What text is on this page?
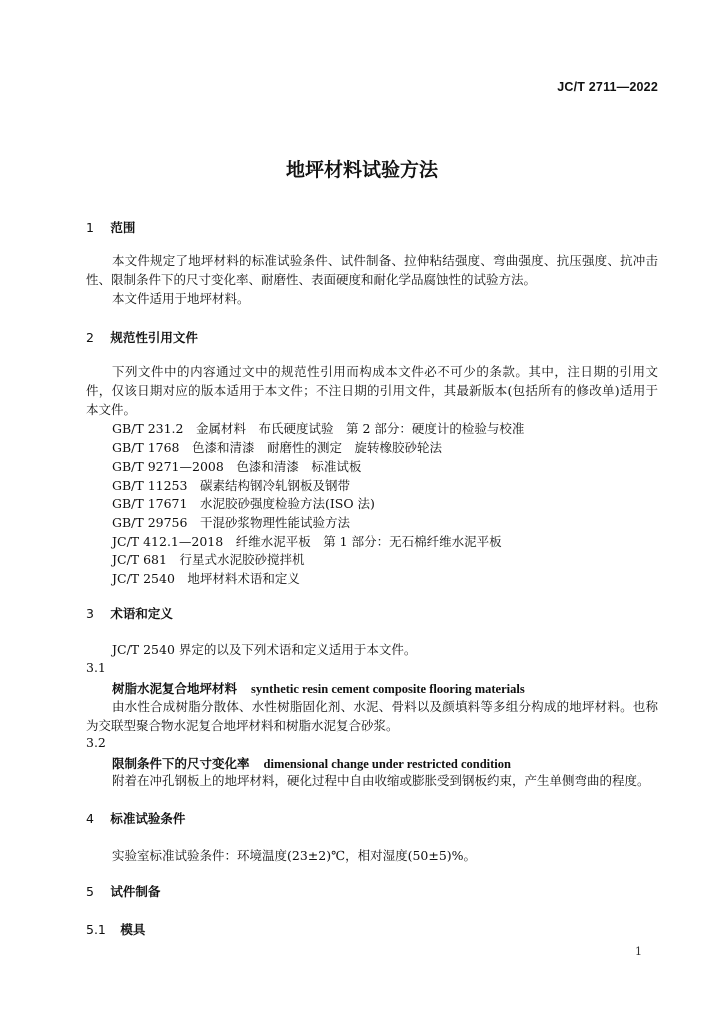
JC/T 2711—2022
地坪材料试验方法
1 范围
本文件规定了地坪材料的标准试验条件、试件制备、拉伸粘结强度、弯曲强度、抗压强度、抗冲击性、限制条件下的尺寸变化率、耐磨性、表面硬度和耐化学品腐蚀性的试验方法。
本文件适用于地坪材料。
2 规范性引用文件
下列文件中的内容通过文中的规范性引用而构成本文件必不可少的条款。其中，注日期的引用文件，仅该日期对应的版本适用于本文件；不注日期的引用文件，其最新版本(包括所有的修改单)适用于本文件。
GB/T 231.2　金属材料　布氏硬度试验　第 2 部分：硬度计的检验与校准
GB/T 1768　色漆和清漆　耐磨性的测定　旋转橡胶砂轮法
GB/T 9271—2008　色漆和清漆　标准试板
GB/T 11253　碳素结构钢冷轧钢板及钢带
GB/T 17671　水泥胶砂强度检验方法(ISO 法)
GB/T 29756　干混砂浆物理性能试验方法
JC/T 412.1—2018　纤维水泥平板　第 1 部分：无石棉纤维水泥平板
JC/T 681　行星式水泥胶砂搅拌机
JC/T 2540　地坪材料术语和定义
3 术语和定义
JC/T 2540 界定的以及下列术语和定义适用于本文件。
3.1
树脂水泥复合地坪材料 synthetic resin cement composite flooring materials
由水性合成树脂分散体、水性树脂固化剂、水泥、骨料以及颜填料等多组分构成的地坪材料。也称为交联型聚合物水泥复合地坪材料和树脂水泥复合砂浆。
3.2
限制条件下的尺寸变化率 dimensional change under restricted condition
附着在冲孔钢板上的地坪材料，硬化过程中自由收缩或膨胀受到钢板约束，产生单侧弯曲的程度。
4 标准试验条件
实验室标准试验条件：环境温度(23±2)℃，相对湿度(50±5)%。
5 试件制备
5.1 模具
1
